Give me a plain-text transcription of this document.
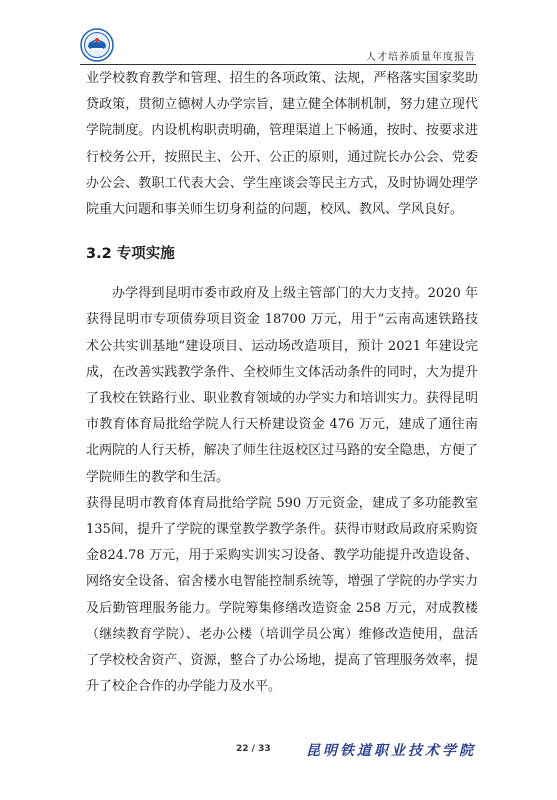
人才培养质量年度报告

业学校教育教学和管理、招生的各项政策、法规，严格落实国家奖助贷政策，贯彻立德树人办学宗旨，建立健全体制机制，努力建立现代学院制度。内设机构职责明确，管理渠道上下畅通，按时、按要求进行校务公开，按照民主、公开、公正的原则，通过院长办公会、党委办公会、教职工代表大会、学生座谈会等民主方式，及时协调处理学院重大问题和事关师生切身利益的问题，校风、教风、学风良好。

3.2 专项实施

办学得到昆明市委市政府及上级主管部门的大力支持。2020 年获得昆明市专项债券项目资金 18700 万元，用于“云南高速铁路技术公共实训基地”建设项目、运动场改造项目，预计 2021 年建设完成，在改善实践教学条件、全校师生文体活动条件的同时，大为提升了我校在铁路行业、职业教育领域的办学实力和培训实力。获得昆明市教育体育局批给学院人行天桥建设资金 476 万元，建成了通往南北两院的人行天桥，解决了师生往返校区过马路的安全隐患，方便了学院师生的教学和生活。

获得昆明市教育体育局批给学院 590 万元资金，建成了多功能教室 135间，提升了学院的课堂教学教学条件。获得市财政局政府采购资金824.78 万元，用于采购实训实习设备、教学功能提升改造设备、网络安全设备、宿舍楼水电智能控制系统等，增强了学院的办学实力及后勤管理服务能力。学院筹集修缮改造资金 258 万元，对成教楼（继续教育学院）、老办公楼（培训学员公寓）维修改造使用，盘活了学校校舍资产、资源，整合了办公场地，提高了管理服务效率，提升了校企合作的办学能力及水平。

22 / 33	昆明铁道职业技术学院
